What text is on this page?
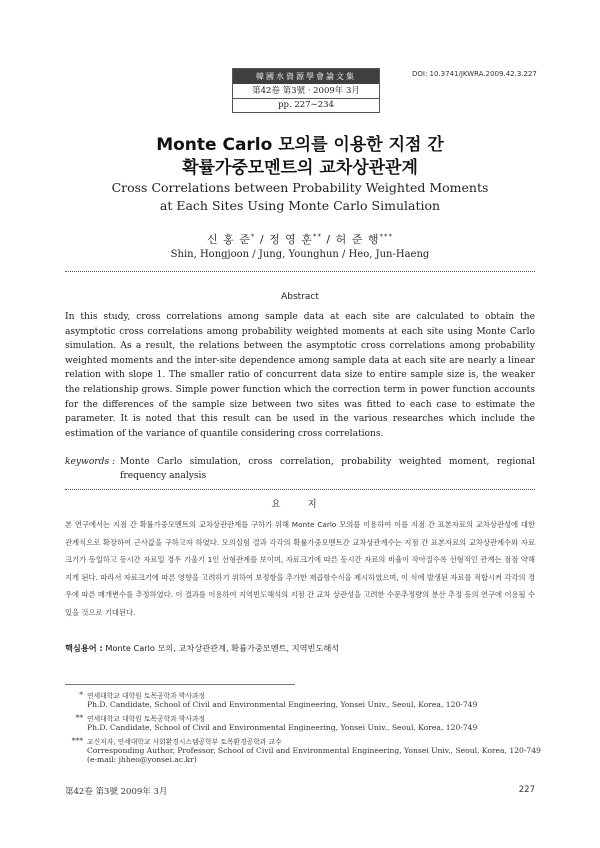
韓國水資源學會論文集
第42卷 第3號 · 2009年 3月
pp. 227∼234
DOI: 10.3741/JKWRA.2009.42.3.227
Monte Carlo 모의를 이용한 지점 간
확률가중모멘트의 교차상관관계
Cross Correlations between Probability Weighted Moments
at Each Sites Using Monte Carlo Simulation
신 홍 준* / 정 영 훈** / 허 준 행***
Shin, Hongjoon / Jung, Younghun / Heo, Jun-Haeng
Abstract
In this study, cross correlations among sample data at each site are calculated to obtain the asymptotic cross correlations among probability weighted moments at each site using Monte Carlo simulation. As a result, the relations between the asymptotic cross correlations among probability weighted moments and the inter-site dependence among sample data at each site are nearly a linear relation with slope 1. The smaller ratio of concurrent data size to entire sample size is, the weaker the relationship grows. Simple power function which the correction term in power function accounts for the differences of the sample size between two sites was fitted to each case to estimate the parameter. It is noted that this result can be used in the various researches which include the estimation of the variance of quantile considering cross correlations.
keywords : Monte Carlo simulation, cross correlation, probability weighted moment, regional frequency analysis
요 지
본 연구에서는 지점 간 확률가중모멘트의 교차상관관계를 구하기 위해 Monte Carlo 모의를 이용하여 이를 지점 간 표본자료의 교차상관성에 대한 관계식으로 확장하여 근사값을 구하고자 하였다. 모의실험 결과 각각의 확률가중모멘트간 교차상관계수는 지점 간 표본자료의 교차상관계수와 자료크기가 동일하고 동시간 자료일 경우 기울기 1인 선형관계를 보이며, 자료크기에 따른 동시간 자료의 비율이 작아질수록 선형적인 관계는 점점 약해지게 된다. 따라서 자료크기에 따른 영향을 고려하기 위하여 보정항을 추가한 제곱함수식을 제시하였으며, 이 식에 발생된 자료를 적합시켜 각각의 경우에 따른 매개변수를 추정하였다. 이 결과를 이용하여 지역빈도해석의 지점 간 교차 상관성을 고려한 수문추정량의 분산 추정 등의 연구에 이용될 수 있을 것으로 기대된다.
핵심용어 : Monte Carlo 모의, 교차상관관계, 확률가중모멘트, 지역빈도해석
* 연세대학교 대학원 토목공학과 박사과정
Ph.D. Candidate, School of Civil and Environmental Engineering, Yonsei Univ., Seoul, Korea, 120-749
** 연세대학교 대학원 토목공학과 박사과정
Ph.D. Candidate, School of Civil and Environmental Engineering, Yonsei Univ., Seoul, Korea, 120-749
*** 교신저자, 연세대학교 사회환경시스템공학부 토목환경공학과 교수
Corresponding Author, Professor, School of Civil and Environmental Engineering, Yonsei Univ., Seoul, Korea, 120-749
(e-mail: jhheo@yonsei.ac.kr)
第42卷 第3號 2009年 3月	227
